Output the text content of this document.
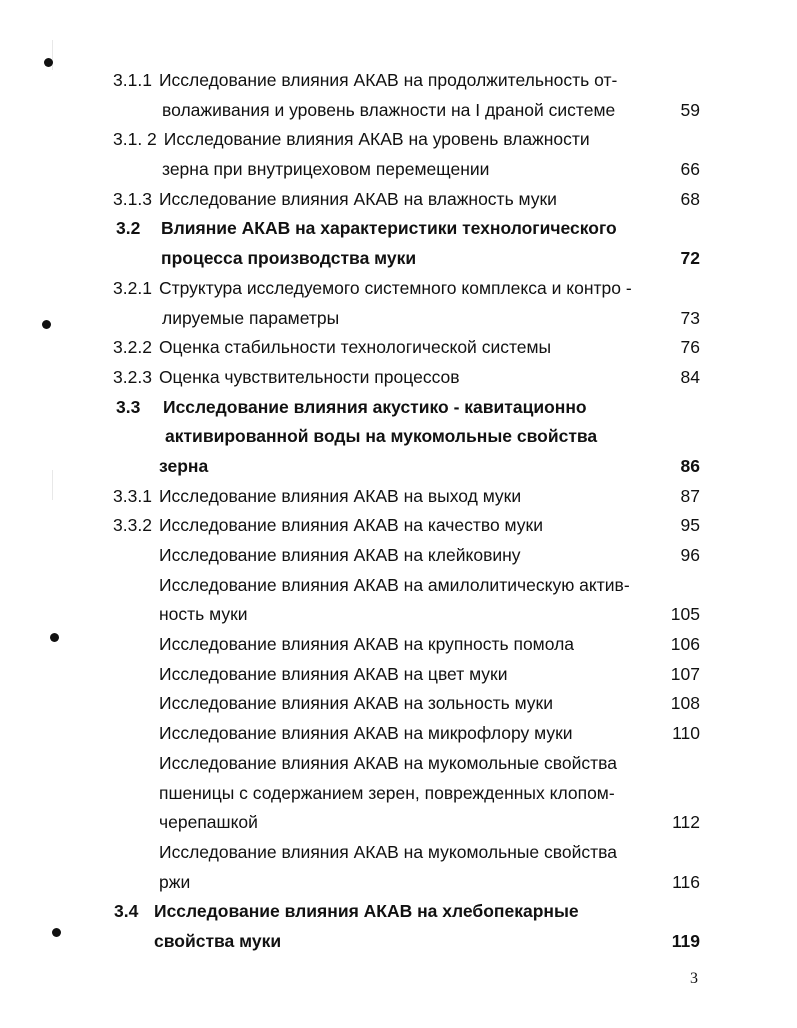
3.1.1 Исследование влияния АКАВ на продолжительность от-
волаживания и уровень влажности на I драной системе	59
3.1. 2 Исследование влияния АКАВ на уровень влажности
зерна при внутрицеховом перемещении	66
3.1.3 Исследование влияния АКАВ на влажность муки	68
3.2 Влияние АКАВ на характеристики технологического
процесса производства муки	72
3.2.1 Структура исследуемого системного комплекса и контро -
лируемые параметры	73
3.2.2 Оценка стабильности технологической системы	76
3.2.3 Оценка чувствительности процессов	84
3.3 Исследование влияния акустико - кавитационно
активированной воды на мукомольные свойства
зерна	86
3.3.1 Исследование влияния АКАВ на выход муки	87
3.3.2 Исследование влияния АКАВ на качество муки	95
Исследование влияния АКАВ на клейковину	96
Исследование влияния АКАВ на амилолитическую актив-
ность муки	105
Исследование влияния АКАВ на крупность помола	106
Исследование влияния АКАВ на цвет муки	107
Исследование влияния АКАВ на зольность муки	108
Исследование влияния АКАВ на микрофлору муки	110
Исследование влияния АКАВ на мукомольные свойства
пшеницы с содержанием зерен, поврежденных клопом-
черепашкой	112
Исследование влияния АКАВ на мукомольные свойства
ржи	116
3.4 Исследование влияния АКАВ на хлебопекарные
свойства муки	119
3
